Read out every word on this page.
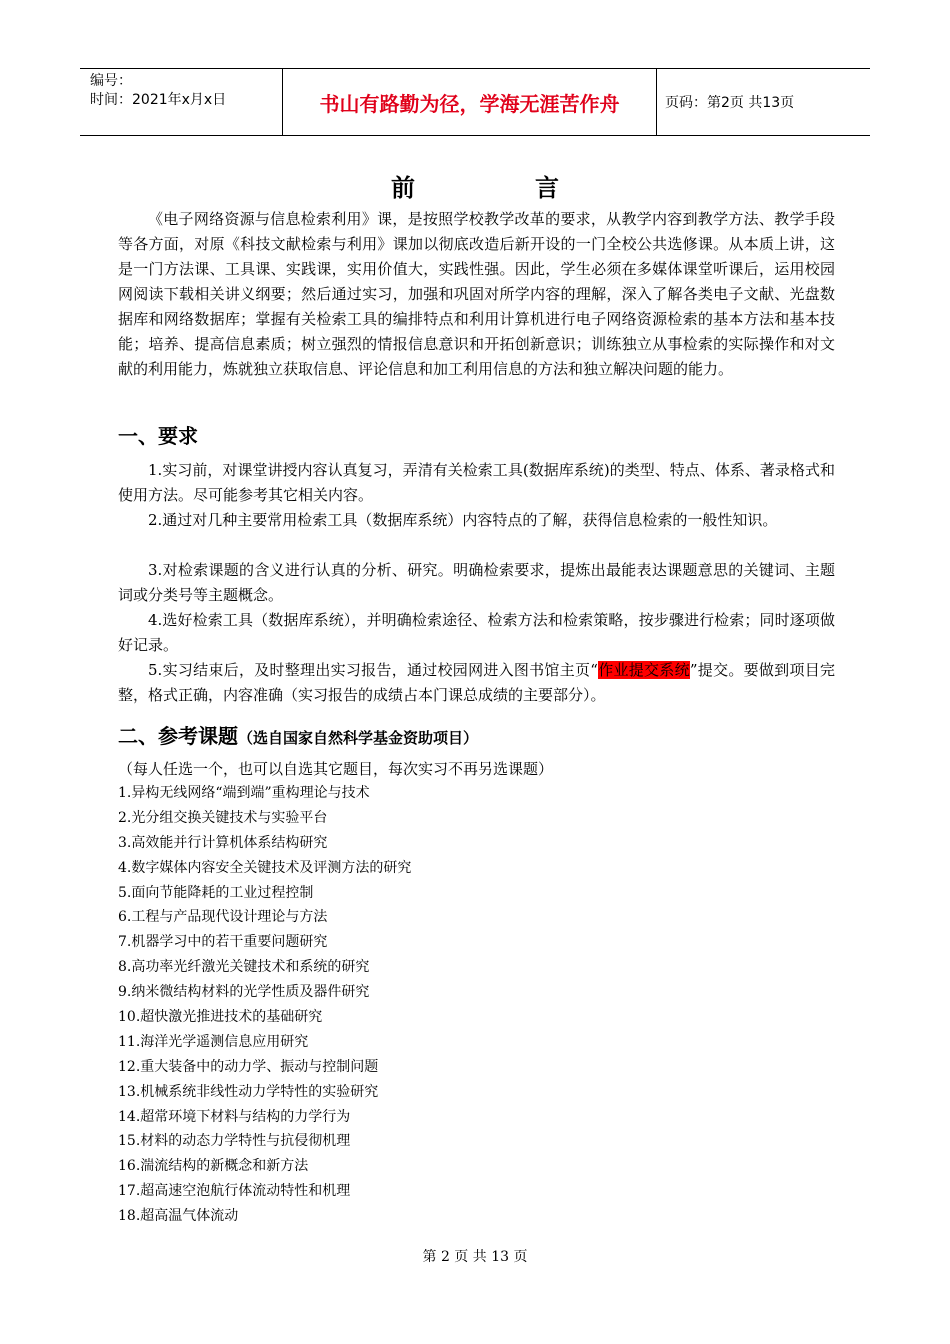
编号：
时间：2021年x月x日	书山有路勤为径，学海无涯苦作舟	页码：第2页 共13页
前	言
《电子网络资源与信息检索利用》课，是按照学校教学改革的要求，从教学内容到教学方法、教学手段等各方面，对原《科技文献检索与利用》课加以彻底改造后新开设的一门全校公共选修课。从本质上讲，这是一门方法课、工具课、实践课，实用价值大，实践性强。因此，学生必须在多媒体课堂听课后，运用校园网阅读下载相关讲义纲要；然后通过实习，加强和巩固对所学内容的理解，深入了解各类电子文献、光盘数据库和网络数据库；掌握有关检索工具的编排特点和利用计算机进行电子网络资源检索的基本方法和基本技能；培养、提高信息素质；树立强烈的情报信息意识和开拓创新意识；训练独立从事检索的实际操作和对文献的利用能力，炼就独立获取信息、评论信息和加工利用信息的方法和独立解决问题的能力。
一、要求
1.实习前，对课堂讲授内容认真复习，弄清有关检索工具(数据库系统)的类型、特点、体系、著录格式和使用方法。尽可能参考其它相关内容。
2.通过对几种主要常用检索工具（数据库系统）内容特点的了解，获得信息检索的一般性知识。
3.对检索课题的含义进行认真的分析、研究。明确检索要求，提炼出最能表达课题意思的关键词、主题词或分类号等主题概念。
4.选好检索工具（数据库系统），并明确检索途径、检索方法和检索策略，按步骤进行检索；同时逐项做好记录。
5.实习结束后，及时整理出实习报告，通过校园网进入图书馆主页“作业提交系统”提交。要做到项目完整，格式正确，内容准确（实习报告的成绩占本门课总成绩的主要部分）。
二、参考课题（选自国家自然科学基金资助项目）
（每人任选一个，也可以自选其它题目，每次实习不再另选课题）
1.异构无线网络“端到端”重构理论与技术
2.光分组交换关键技术与实验平台
3.高效能并行计算机体系结构研究
4.数字媒体内容安全关键技术及评测方法的研究
5.面向节能降耗的工业过程控制
6.工程与产品现代设计理论与方法
7.机器学习中的若干重要问题研究
8.高功率光纤激光关键技术和系统的研究
9.纳米微结构材料的光学性质及器件研究
10.超快激光推进技术的基础研究
11.海洋光学遥测信息应用研究
12.重大装备中的动力学、振动与控制问题
13.机械系统非线性动力学特性的实验研究
14.超常环境下材料与结构的力学行为
15.材料的动态力学特性与抗侵彻机理
16.湍流结构的新概念和新方法
17.超高速空泡航行体流动特性和机理
18.超高温气体流动
第 2 页 共 13 页
